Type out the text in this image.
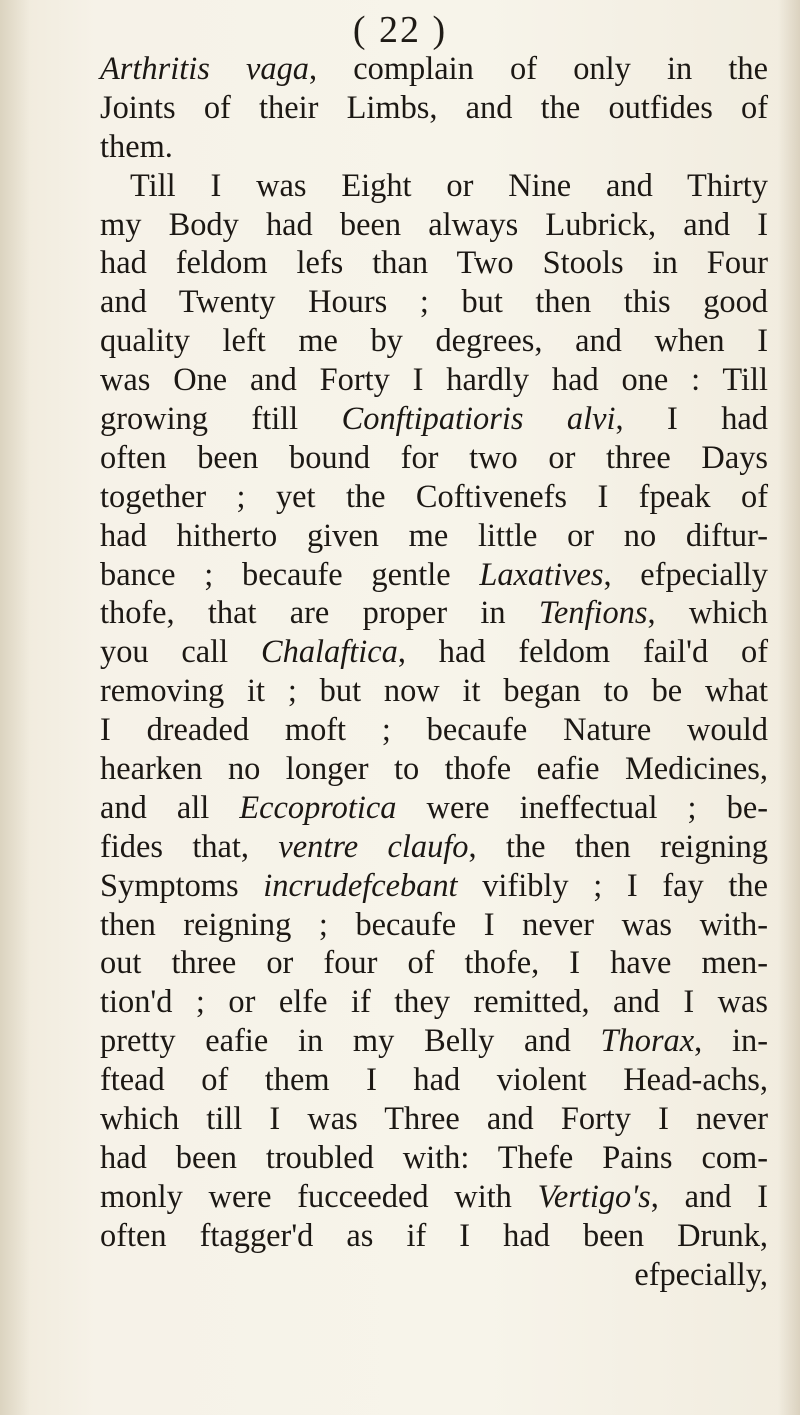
( 22 )
Arthritis vaga, complain of only in the
Joints of their Limbs, and the outfides of
them.
Till I was Eight or Nine and Thirty
my Body had been always Lubrick, and I
had feldom lefs than Two Stools in Four
and Twenty Hours ; but then this good
quality left me by degrees, and when I
was One and Forty I hardly had one : Till
growing ftill Conftipatioris alvi, I had
often been bound for two or three Days
together ; yet the Coftivenefs I fpeak of
had hitherto given me little or no diftur-
bance ; becaufe gentle Laxatives, efpecially
thofe, that are proper in Tenfions, which
you call Chalaftica, had feldom fail'd of
removing it ; but now it began to be what
I dreaded moft ; becaufe Nature would
hearken no longer to thofe eafie Medicines,
and all Eccoprotica were ineffectual ; be-
fides that, ventre claufo, the then reigning
Symptoms incrudefcebant vifibly ; I fay the
then reigning ; becaufe I never was with-
out three or four of thofe, I have men-
tion'd ; or elfe if they remitted, and I was
pretty eafie in my Belly and Thorax, in-
ftead of them I had violent Head-achs,
which till I was Three and Forty I never
had been troubled with: Thefe Pains com-
monly were fucceeded with Vertigo's, and I
often ftagger'd as if I had been Drunk,
efpecially,
